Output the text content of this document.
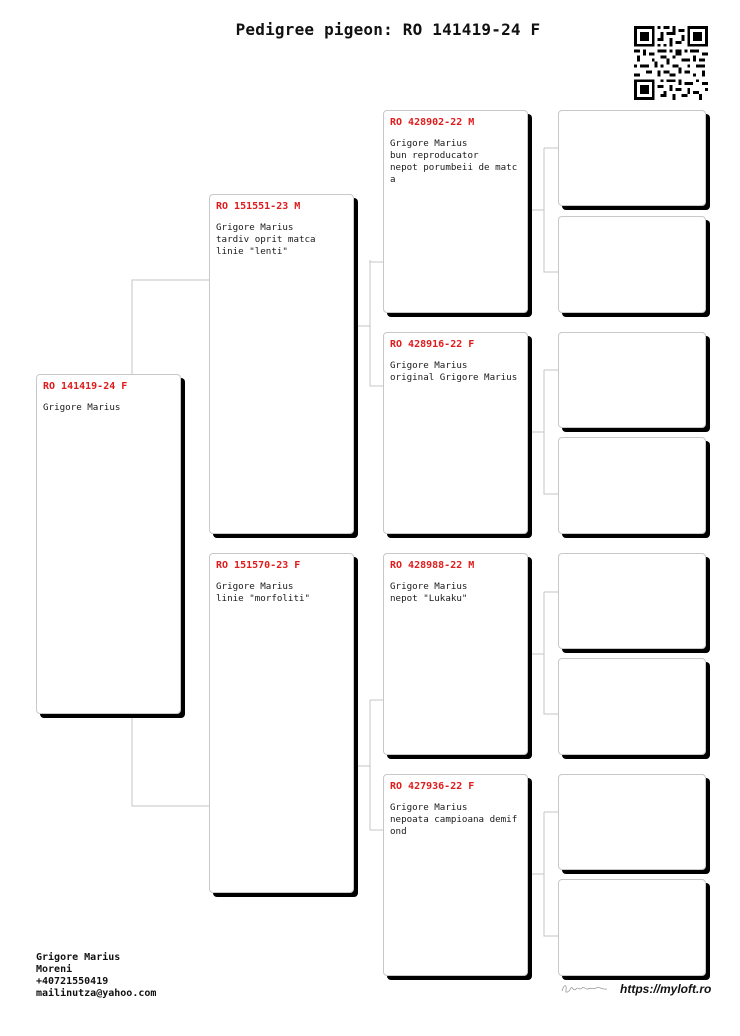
Pedigree pigeon: RO 141419-24 F
RO 141419-24 F
Grigore Marius
RO 151551-23 M
Grigore Marius
tardiv oprit matca
linie "lenti"
RO 151570-23 F
Grigore Marius
linie "morfoliti"
RO 428902-22 M
Grigore Marius
bun reproducator
nepot porumbeii de matca
RO 428916-22 F
Grigore Marius
original Grigore Marius
RO 428988-22 M
Grigore Marius
nepot "Lukaku"
RO 427936-22 F
Grigore Marius
nepoata campioana demifond
Grigore Marius
Moreni
+40721550419
mailinutza@yahoo.com	https://myloft.ro
